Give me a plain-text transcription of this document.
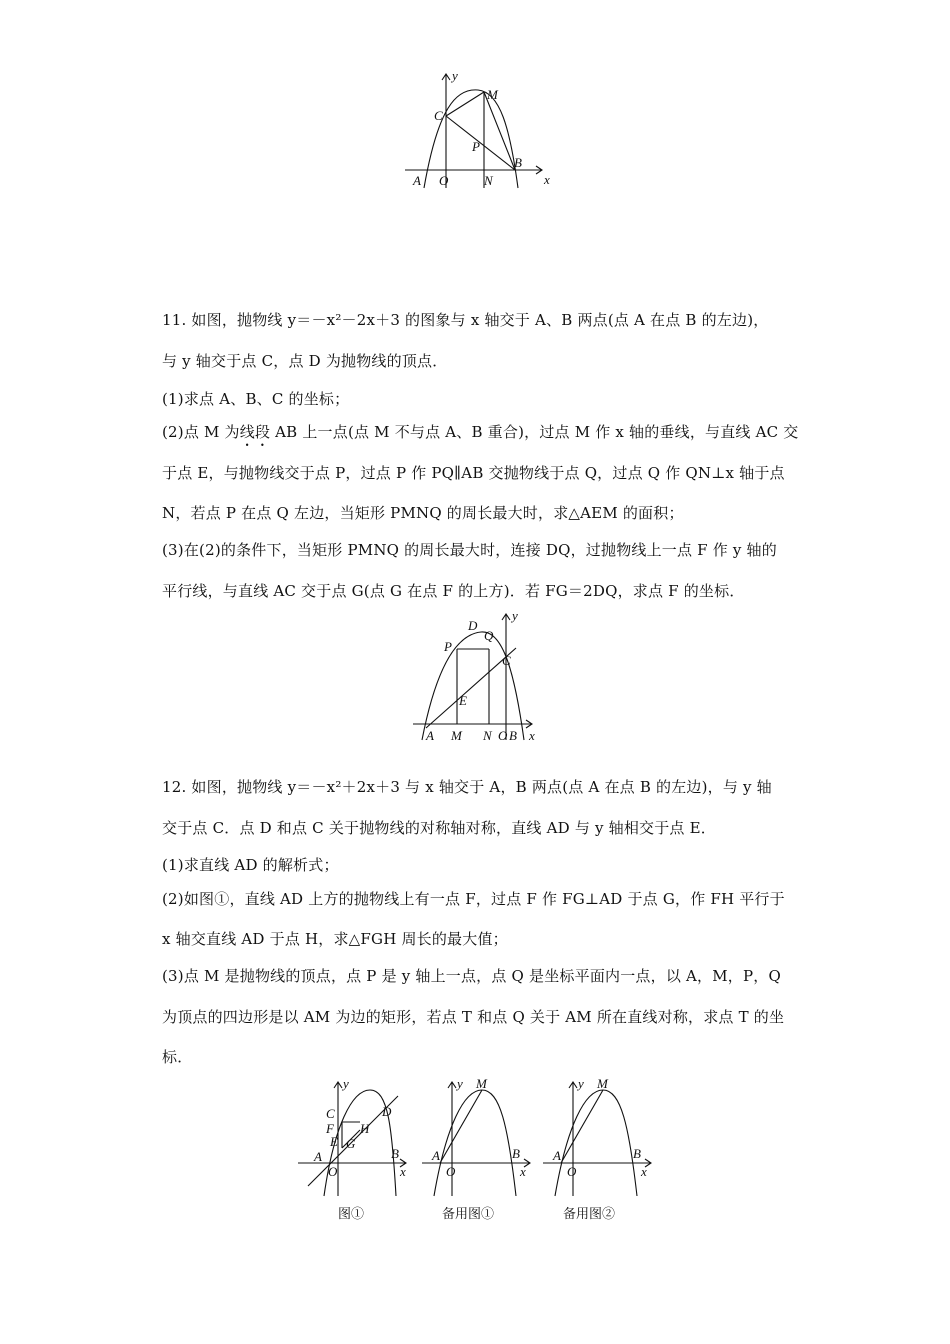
y
x
C
M
P
B
A O	N
11. 如图，抛物线 y＝－x²－2x＋3 的图象与 x 轴交于 A、B 两点(点 A 在点 B 的左边)，
与 y 轴交于点 C，点 D 为抛物线的顶点．
(1)求点 A、B、C 的坐标；
(2)点 M 为线段 AB 上一点(点 M 不与点 A、B 重合)，过点 M 作 x 轴的垂线，与直线 AC 交
于点 E，与抛物线交于点 P，过点 P 作 PQ∥AB 交抛物线于点 Q，过点 Q 作 QN⊥x 轴于点
N，若点 P 在点 Q 左边，当矩形 PMNQ 的周长最大时，求△AEM 的面积；
(3)在(2)的条件下，当矩形 PMNQ 的周长最大时，连接 DQ，过抛物线上一点 F 作 y 轴的
平行线，与直线 AC 交于点 G(点 G 在点 F 的上方)．若 FG＝2DQ，求点 F 的坐标．
y
D
Q
P
C
E
x
A M N O B
12. 如图，抛物线 y＝－x²＋2x＋3 与 x 轴交于 A，B 两点(点 A 在点 B 的左边)，与 y 轴
交于点 C．点 D 和点 C 关于抛物线的对称轴对称，直线 AD 与 y 轴相交于点 E．
(1)求直线 AD 的解析式；
(2)如图①，直线 AD 上方的抛物线上有一点 F，过点 F 作 FG⊥AD 于点 G，作 FH 平行于
x 轴交直线 AD 于点 H，求△FGH 周长的最大值；
(3)点 M 是抛物线的顶点，点 P 是 y 轴上一点，点 Q 是坐标平面内一点，以 A，M，P，Q
为顶点的四边形是以 AM 为边的矩形，若点 T 和点 Q 关于 AM 所在直线对称，求点 T 的坐
标．
y
C	D
F H
E G
A
O
B
x
图①
y M
A
O
B
x
备用图①
y M
A
O
B
x
备用图②
